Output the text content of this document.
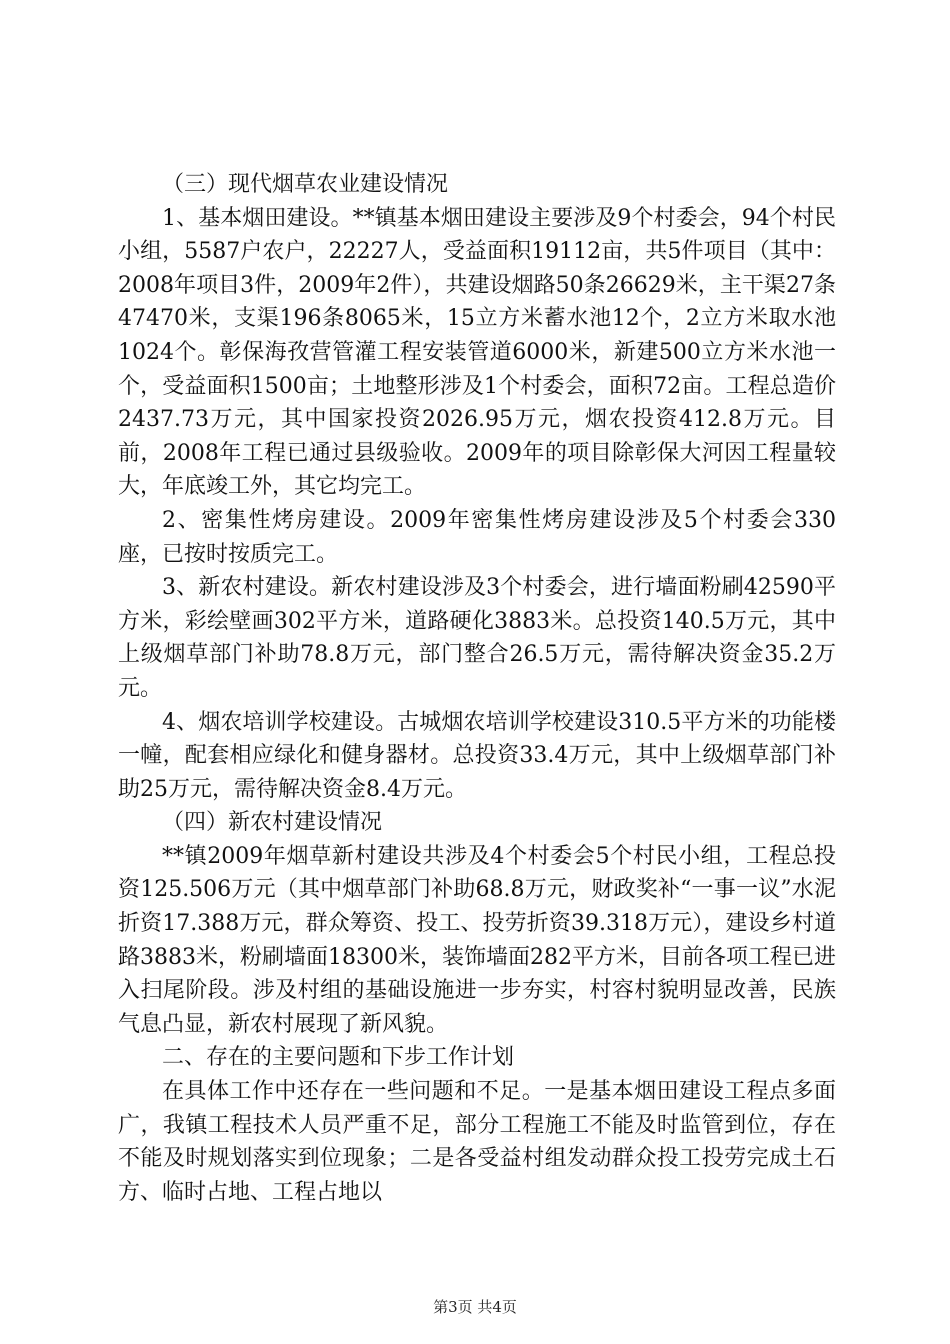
（三）现代烟草农业建设情况

1、基本烟田建设。**镇基本烟田建设主要涉及9个村委会，94个村民小组，5587户农户，22227人，受益面积19112亩，共5件项目（其中：2008年项目3件，2009年2件），共建设烟路50条26629米，主干渠27条47470米，支渠196条8065米，15立方米蓄水池12个，2立方米取水池1024个。彰保海孜营管灌工程安装管道6000米，新建500立方米水池一个，受益面积1500亩；土地整形涉及1个村委会，面积72亩。工程总造价2437.73万元，其中国家投资2026.95万元，烟农投资412.8万元。目前，2008年工程已通过县级验收。2009年的项目除彰保大河因工程量较大，年底竣工外，其它均完工。

2、密集性烤房建设。2009年密集性烤房建设涉及5个村委会330座，已按时按质完工。

3、新农村建设。新农村建设涉及3个村委会，进行墙面粉刷42590平方米，彩绘壁画302平方米，道路硬化3883米。总投资140.5万元，其中上级烟草部门补助78.8万元，部门整合26.5万元，需待解决资金35.2万元。

4、烟农培训学校建设。古城烟农培训学校建设310.5平方米的功能楼一幢，配套相应绿化和健身器材。总投资33.4万元，其中上级烟草部门补助25万元，需待解决资金8.4万元。

（四）新农村建设情况

**镇2009年烟草新村建设共涉及4个村委会5个村民小组，工程总投资125.506万元（其中烟草部门补助68.8万元，财政奖补“一事一议”水泥折资17.388万元，群众筹资、投工、投劳折资39.318万元），建设乡村道路3883米，粉刷墙面18300米，装饰墙面282平方米，目前各项工程已进入扫尾阶段。涉及村组的基础设施进一步夯实，村容村貌明显改善，民族气息凸显，新农村展现了新风貌。

二、存在的主要问题和下步工作计划

在具体工作中还存在一些问题和不足。一是基本烟田建设工程点多面广，我镇工程技术人员严重不足，部分工程施工不能及时监管到位，存在不能及时规划落实到位现象；二是各受益村组发动群众投工投劳完成土石方、临时占地、工程占地以

第3页 共4页
